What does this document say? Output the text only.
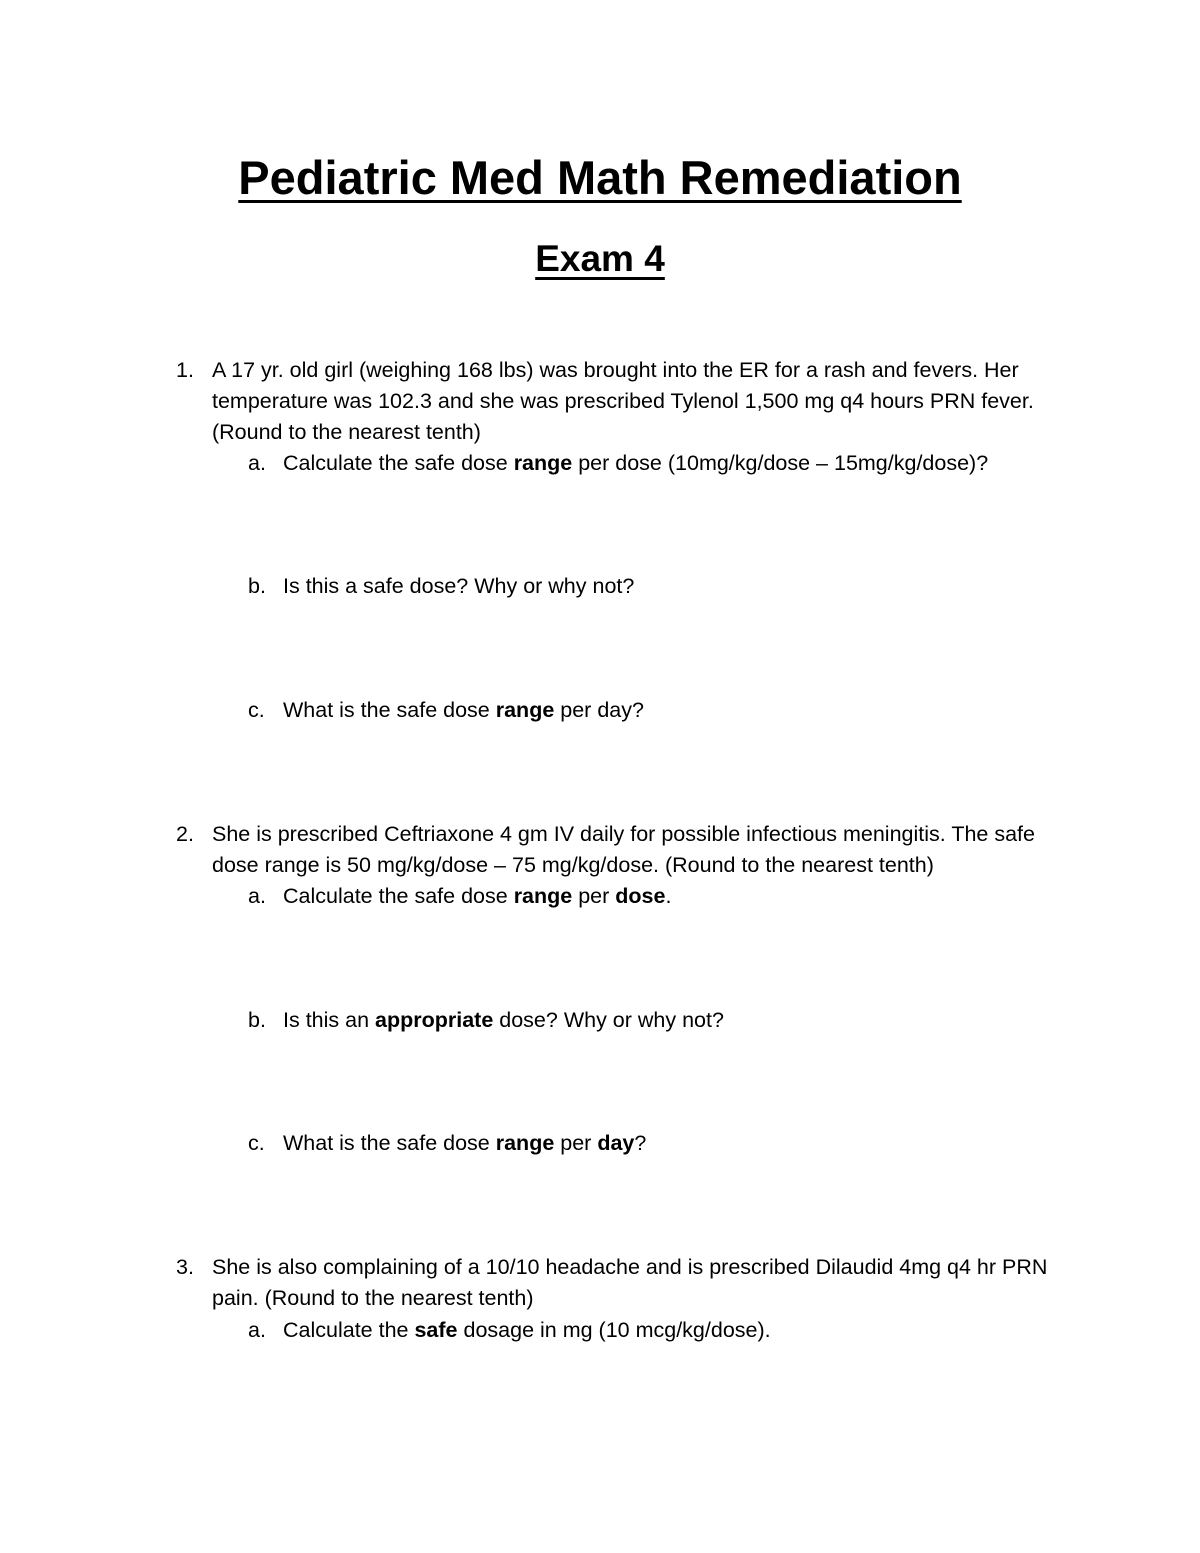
Pediatric Med Math Remediation
Exam 4
1. A 17 yr. old girl (weighing 168 lbs) was brought into the ER for a rash and fevers. Her temperature was 102.3 and she was prescribed Tylenol 1,500 mg q4 hours PRN fever. (Round to the nearest tenth)
a. Calculate the safe dose range per dose (10mg/kg/dose – 15mg/kg/dose)?
b. Is this a safe dose? Why or why not?
c. What is the safe dose range per day?
2. She is prescribed Ceftriaxone 4 gm IV daily for possible infectious meningitis. The safe dose range is 50 mg/kg/dose – 75 mg/kg/dose. (Round to the nearest tenth)
a. Calculate the safe dose range per dose.
b. Is this an appropriate dose? Why or why not?
c. What is the safe dose range per day?
3. She is also complaining of a 10/10 headache and is prescribed Dilaudid 4mg q4 hr PRN pain. (Round to the nearest tenth)
a. Calculate the safe dosage in mg (10 mcg/kg/dose).
